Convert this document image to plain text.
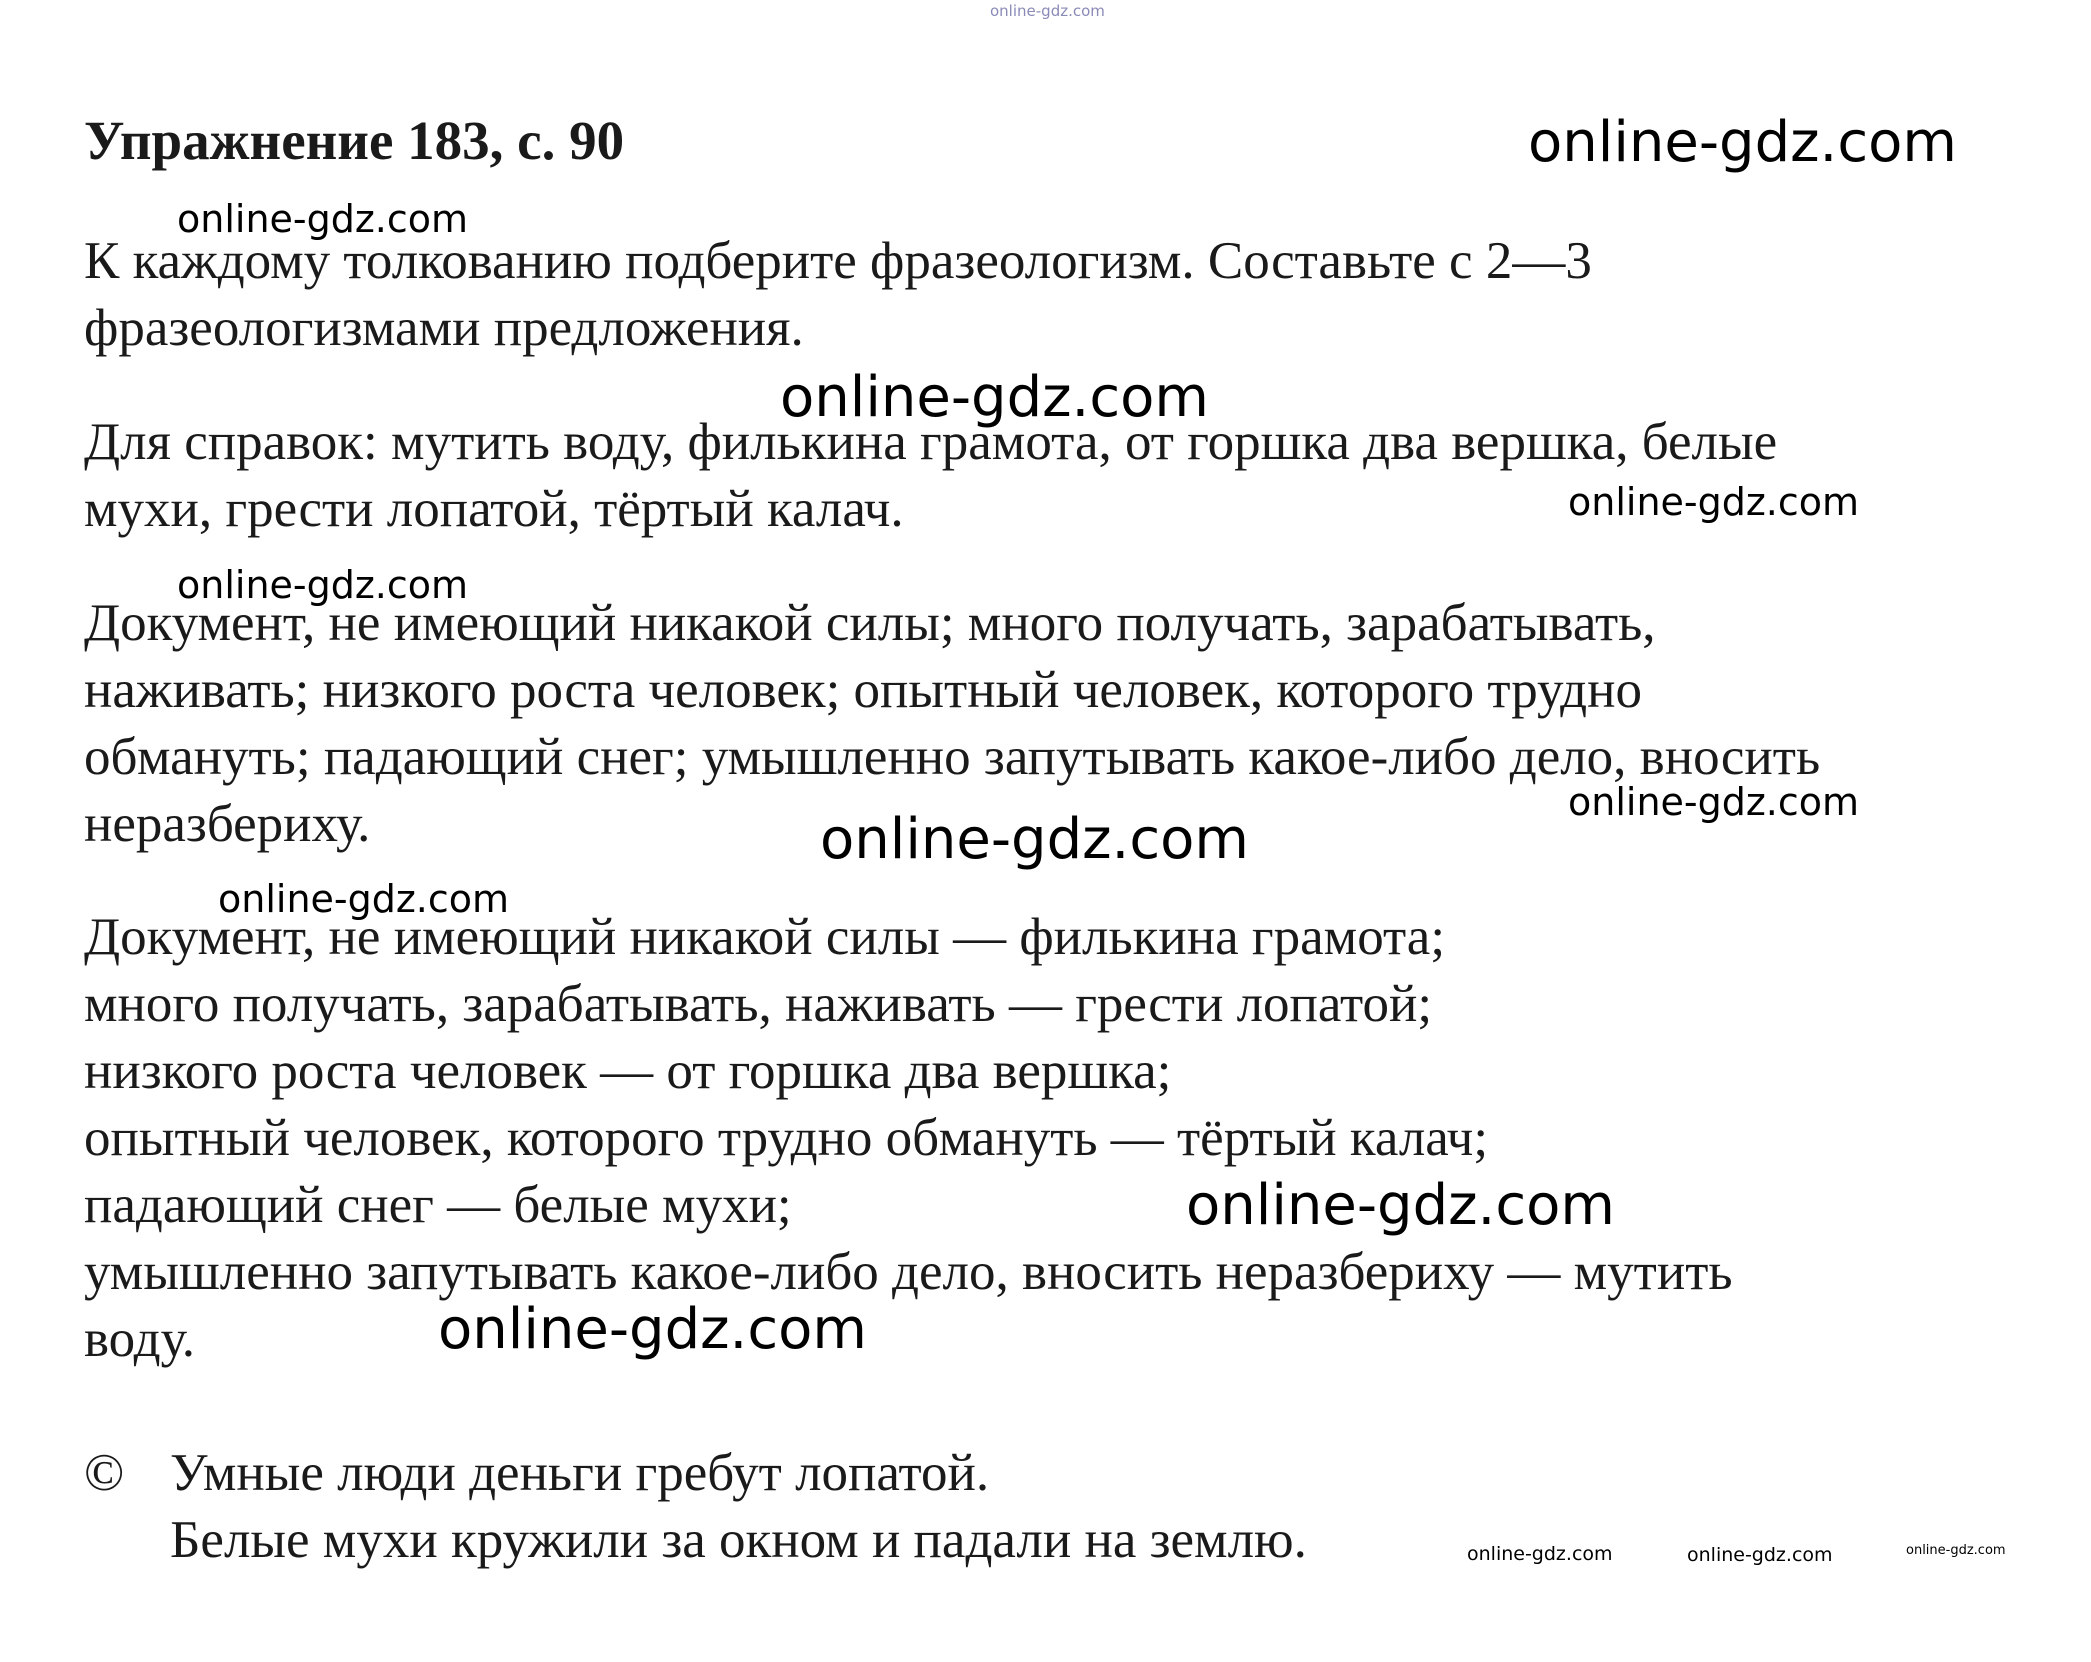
Упражнение 183, с. 90
К каждому толкованию подберите фразеологизм. Составьте с 2—3
фразеологизмами предложения.
Для справок: мутить воду, филькина грамота, от горшка два вершка, белые
мухи, грести лопатой, тёртый калач.
Документ, не имеющий никакой силы; много получать, зарабатывать,
наживать; низкого роста человек; опытный человек, которого трудно
обмануть; падающий снег; умышленно запутывать какое-либо дело, вносить
неразбериху.
Документ, не имеющий никакой силы — филькина грамота;
много получать, зарабатывать, наживать — грести лопатой;
низкого роста человек — от горшка два вершка;
опытный человек, которого трудно обмануть — тёртый калач;
падающий снег — белые мухи;
умышленно запутывать какое-либо дело, вносить неразбериху — мутить
воду.
© Умные люди деньги гребут лопатой.
Белые мухи кружили за окном и падали на землю.
online-gdz.com
online-gdz.com
online-gdz.com
online-gdz.com
online-gdz.com
online-gdz.com
online-gdz.com
online-gdz.com
online-gdz.com
online-gdz.com
online-gdz.com
online-gdz.com	online-gdz.com	online-gdz.com
